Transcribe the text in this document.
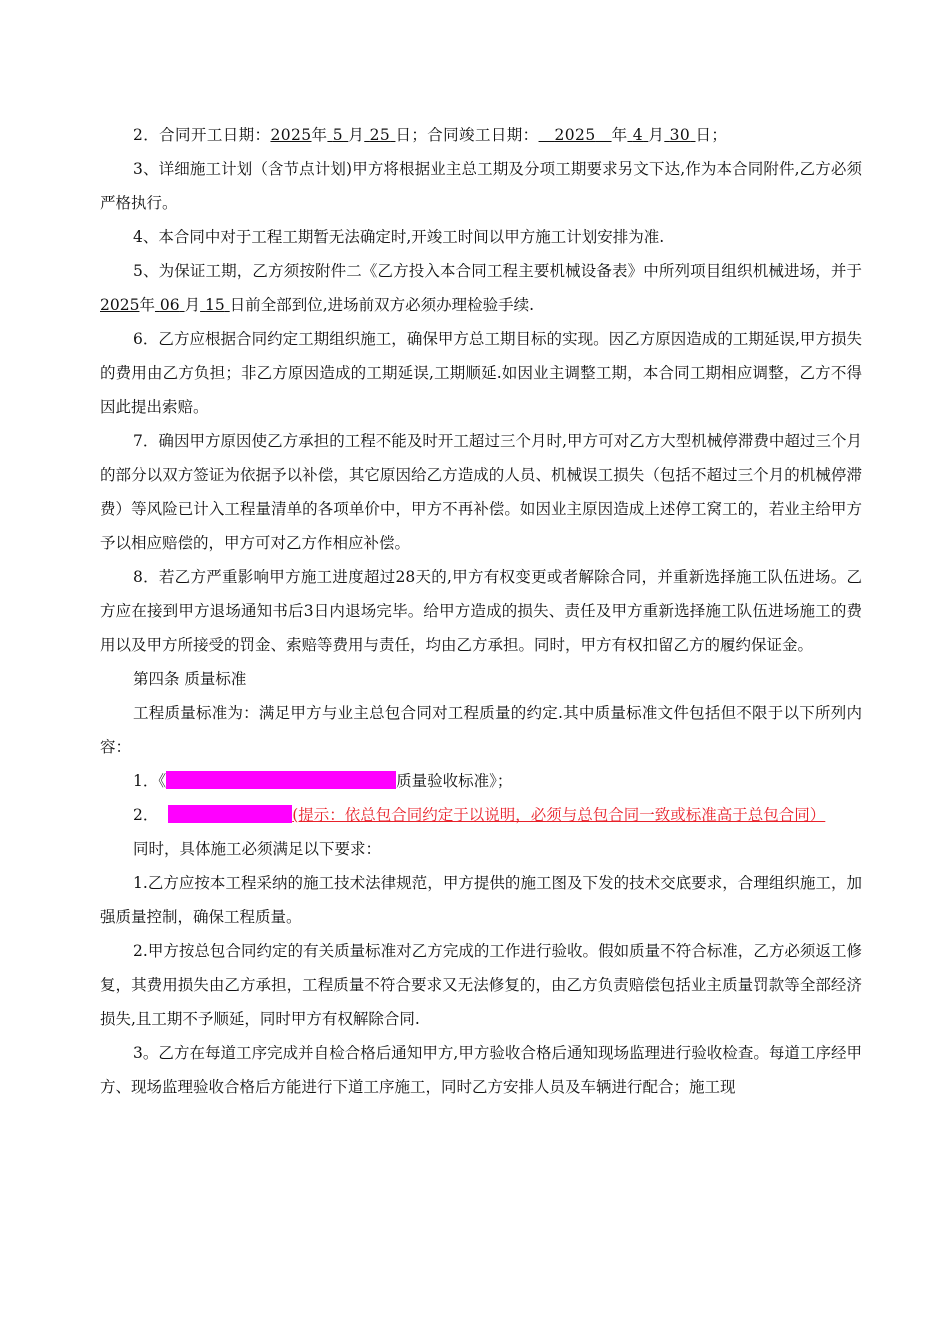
2．合同开工日期：2025年 5 月 25 日；合同竣工日期： 2025 年 4 月 30 日；

3、详细施工计划（含节点计划)甲方将根据业主总工期及分项工期要求另文下达,作为本合同附件,乙方必须严格执行。

4、本合同中对于工程工期暂无法确定时,开竣工时间以甲方施工计划安排为准.

5、为保证工期，乙方须按附件二《乙方投入本合同工程主要机械设备表》中所列项目组织机械进场，并于2025年 06 月 15 日前全部到位,进场前双方必须办理检验手续.

6．乙方应根据合同约定工期组织施工，确保甲方总工期目标的实现。因乙方原因造成的工期延误,甲方损失的费用由乙方负担；非乙方原因造成的工期延误,工期顺延.如因业主调整工期，本合同工期相应调整，乙方不得因此提出索赔。

7．确因甲方原因使乙方承担的工程不能及时开工超过三个月时,甲方可对乙方大型机械停滞费中超过三个月的部分以双方签证为依据予以补偿，其它原因给乙方造成的人员、机械误工损失（包括不超过三个月的机械停滞费）等风险已计入工程量清单的各项单价中，甲方不再补偿。如因业主原因造成上述停工窝工的，若业主给甲方予以相应赔偿的，甲方可对乙方作相应补偿。

8．若乙方严重影响甲方施工进度超过28天的,甲方有权变更或者解除合同，并重新选择施工队伍进场。乙方应在接到甲方退场通知书后3日内退场完毕。给甲方造成的损失、责任及甲方重新选择施工队伍进场施工的费用以及甲方所接受的罚金、索赔等费用与责任，均由乙方承担。同时，甲方有权扣留乙方的履约保证金。

第四条 质量标准

工程质量标准为：满足甲方与业主总包合同对工程质量的约定.其中质量标准文件包括但不限于以下所列内容：

1．《	质量验收标准》；

2．	(提示：依总包合同约定于以说明，必须与总包合同一致或标准高于总包合同）

同时，具体施工必须满足以下要求：

1.乙方应按本工程采纳的施工技术法律规范，甲方提供的施工图及下发的技术交底要求，合理组织施工，加强质量控制，确保工程质量。

2.甲方按总包合同约定的有关质量标准对乙方完成的工作进行验收。假如质量不符合标准，乙方必须返工修复，其费用损失由乙方承担，工程质量不符合要求又无法修复的，由乙方负责赔偿包括业主质量罚款等全部经济损失,且工期不予顺延，同时甲方有权解除合同.

3。乙方在每道工序完成并自检合格后通知甲方,甲方验收合格后通知现场监理进行验收检查。每道工序经甲方、现场监理验收合格后方能进行下道工序施工，同时乙方安排人员及车辆进行配合；施工现
